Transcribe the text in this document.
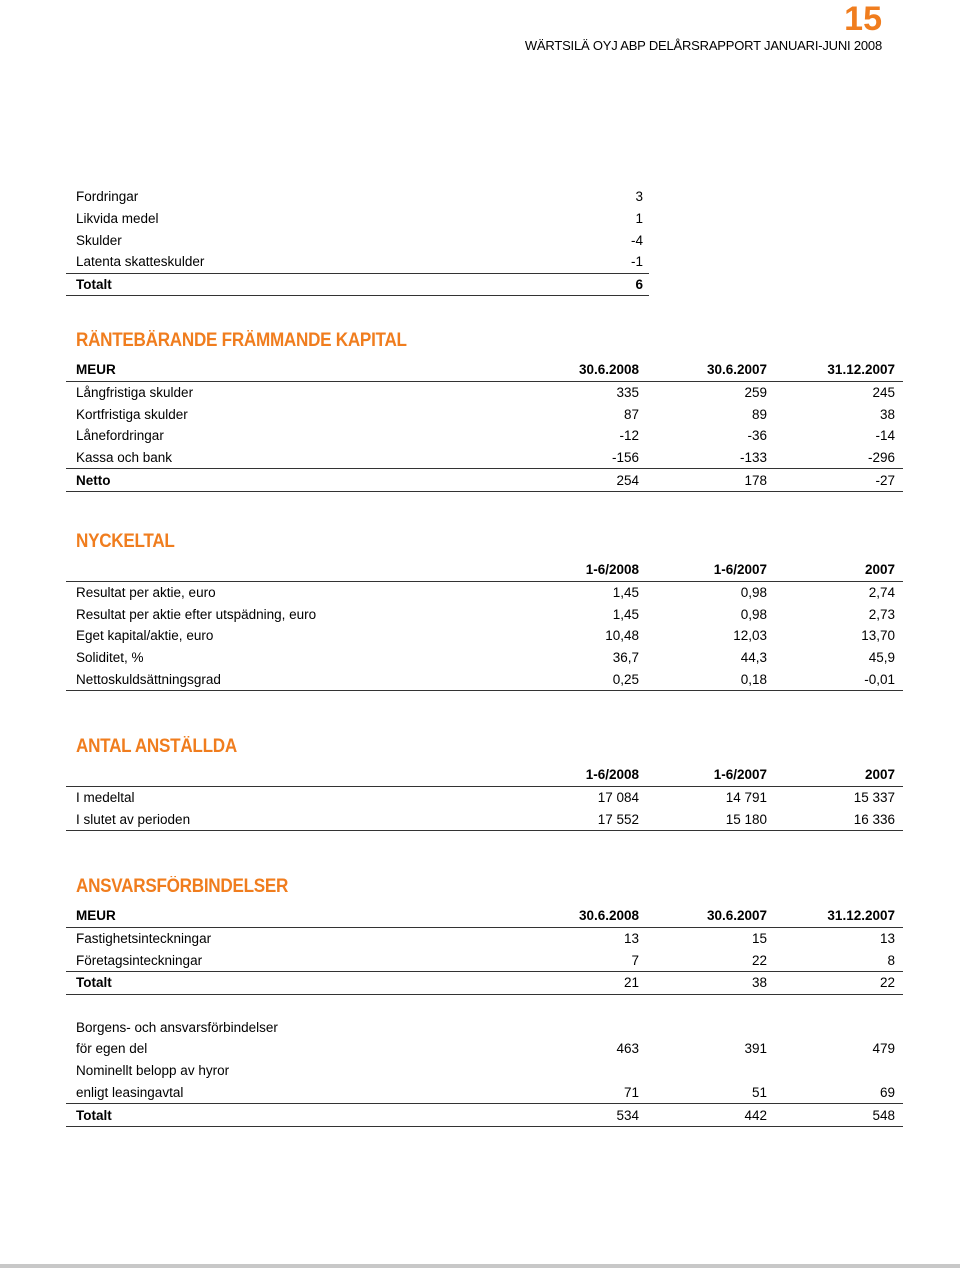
15
WÄRTSILÄ OYJ ABP DELÅRSRAPPORT JANUARI-JUNI 2008
Fordringar	3
Likvida medel	1
Skulder	-4
Latenta skatteskulder	-1
Totalt	6
RÄNTEBÄRANDE FRÄMMANDE KAPITAL
MEUR	30.6.2008	30.6.2007	31.12.2007
Långfristiga skulder	335	259	245
Kortfristiga skulder	87	89	38
Lånefordringar	-12	-36	-14
Kassa och bank	-156	-133	-296
Netto	254	178	-27
NYCKELTAL
	1-6/2008	1-6/2007	2007
Resultat per aktie, euro	1,45	0,98	2,74
Resultat per aktie efter utspädning, euro	1,45	0,98	2,73
Eget kapital/aktie, euro	10,48	12,03	13,70
Soliditet, %	36,7	44,3	45,9
Nettoskuldsättningsgrad	0,25	0,18	-0,01
ANTAL ANSTÄLLDA
	1-6/2008	1-6/2007	2007
I medeltal	17 084	14 791	15 337
I slutet av perioden	17 552	15 180	16 336
ANSVARSFÖRBINDELSER
MEUR	30.6.2008	30.6.2007	31.12.2007
Fastighetsinteckningar	13	15	13
Företagsinteckningar	7	22	8
Totalt	21	38	22

Borgens- och ansvarsförbindelser			
för egen del	463	391	479
Nominellt belopp av hyror			
enligt leasingavtal	71	51	69
Totalt	534	442	548
